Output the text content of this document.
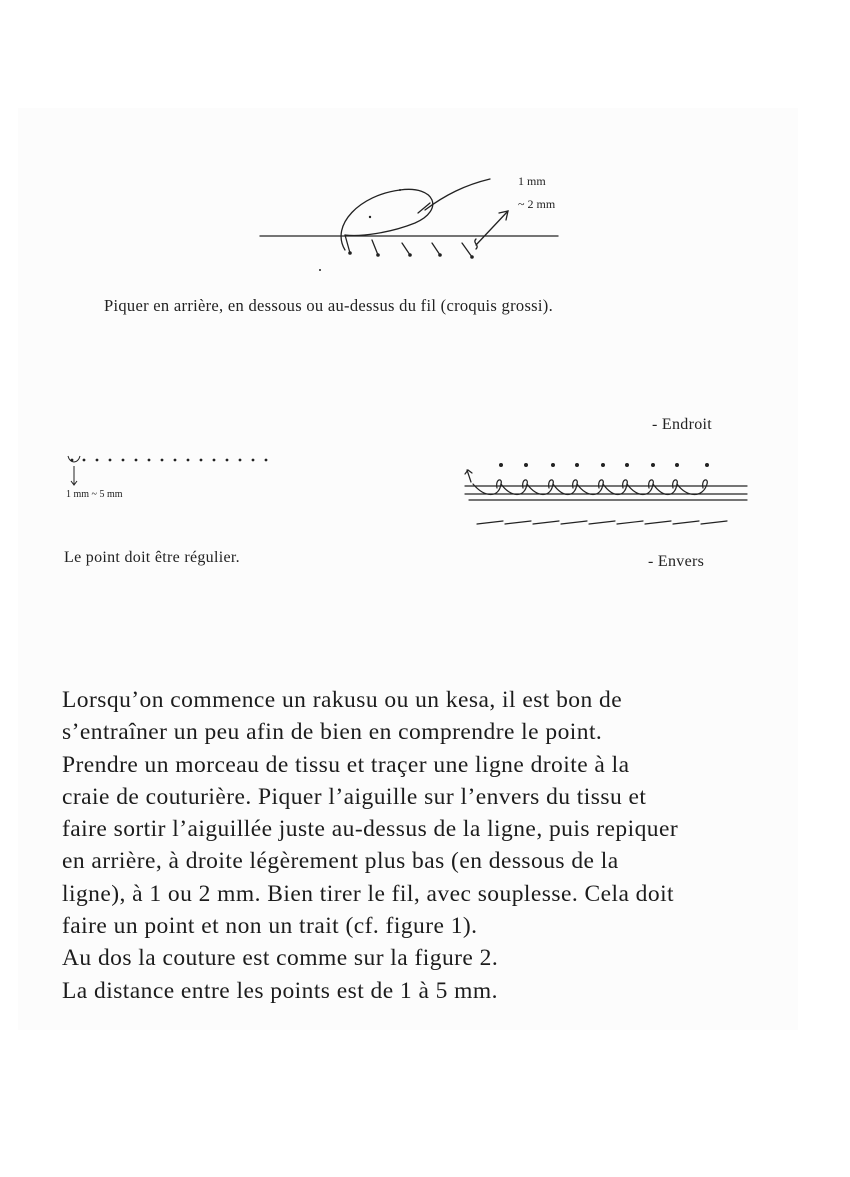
1 mm
~ 2 mm
Piquer en arrière, en dessous ou au-dessus du fil (croquis grossi).
1 mm ~ 5 mm
Le point doit être régulier.
- Endroit
- Envers
Lorsqu’on commence un rakusu ou un kesa, il est bon de
s’entraîner un peu afin de bien en comprendre le point.
Prendre un morceau de tissu et traçer une ligne droite à la
craie de couturière. Piquer l’aiguille sur l’envers du tissu et
faire sortir l’aiguillée juste au-dessus de la ligne, puis repiquer
en arrière, à droite légèrement plus bas (en dessous de la
ligne), à 1 ou 2 mm. Bien tirer le fil, avec souplesse. Cela doit
faire un point et non un trait (cf. figure 1).
Au dos la couture est comme sur la figure 2.
La distance entre les points est de 1 à 5 mm.
